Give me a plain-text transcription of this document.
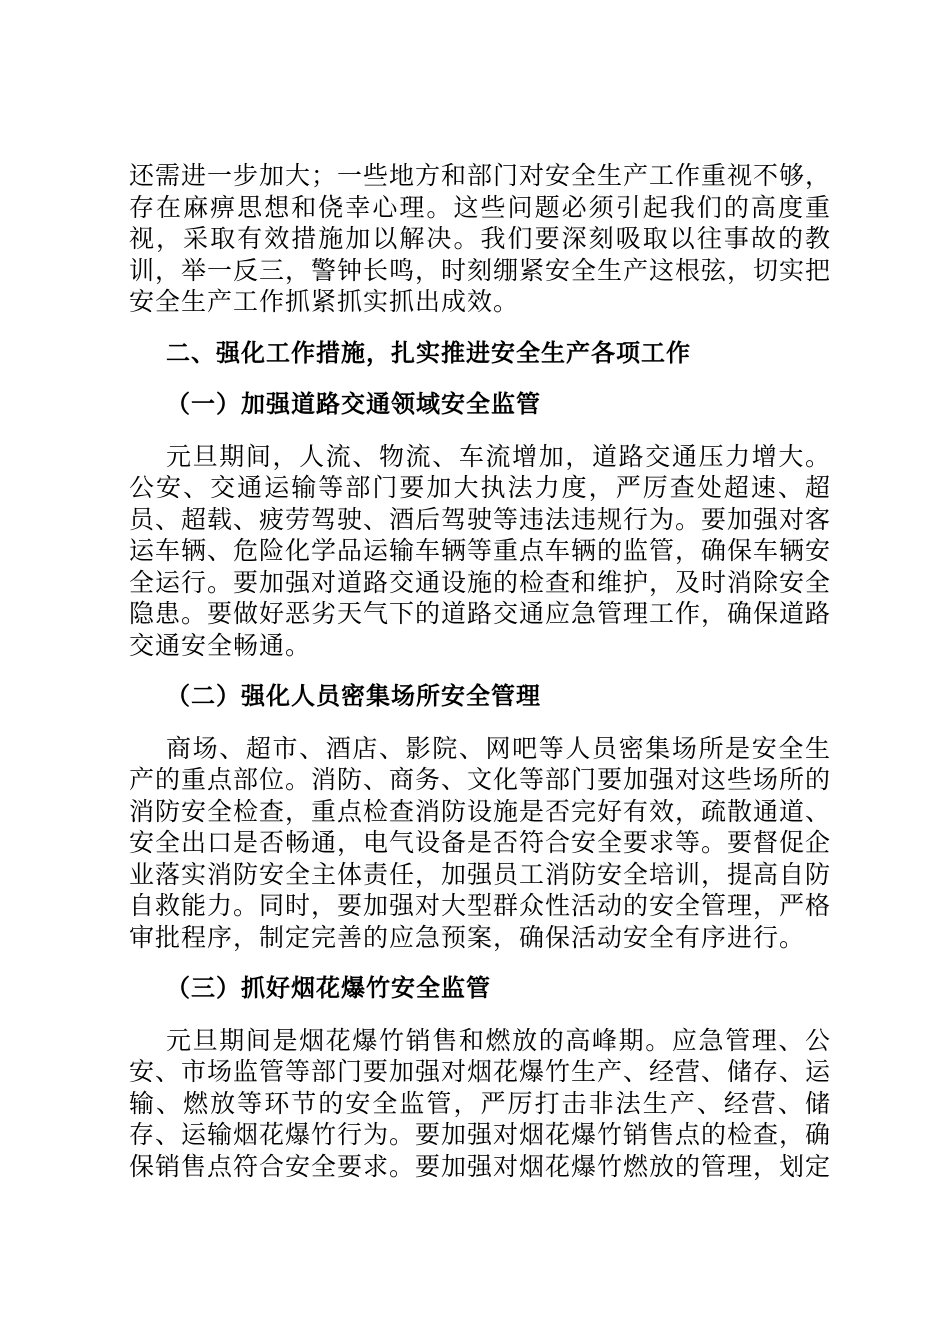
还需进一步加大；一些地方和部门对安全生产工作重视不够，存在麻痹思想和侥幸心理。这些问题必须引起我们的高度重视，采取有效措施加以解决。我们要深刻吸取以往事故的教训，举一反三，警钟长鸣，时刻绷紧安全生产这根弦，切实把安全生产工作抓紧抓实抓出成效。

二、强化工作措施，扎实推进安全生产各项工作
（一）加强道路交通领域安全监管

元旦期间，人流、物流、车流增加，道路交通压力增大。公安、交通运输等部门要加大执法力度，严厉查处超速、超员、超载、疲劳驾驶、酒后驾驶等违法违规行为。要加强对客运车辆、危险化学品运输车辆等重点车辆的监管，确保车辆安全运行。要加强对道路交通设施的检查和维护，及时消除安全隐患。要做好恶劣天气下的道路交通应急管理工作，确保道路交通安全畅通。

（二）强化人员密集场所安全管理

商场、超市、酒店、影院、网吧等人员密集场所是安全生产的重点部位。消防、商务、文化等部门要加强对这些场所的消防安全检查，重点检查消防设施是否完好有效，疏散通道、安全出口是否畅通，电气设备是否符合安全要求等。要督促企业落实消防安全主体责任，加强员工消防安全培训，提高自防自救能力。同时，要加强对大型群众性活动的安全管理，严格审批程序，制定完善的应急预案，确保活动安全有序进行。

（三）抓好烟花爆竹安全监管

元旦期间是烟花爆竹销售和燃放的高峰期。应急管理、公安、市场监管等部门要加强对烟花爆竹生产、经营、储存、运输、燃放等环节的安全监管，严厉打击非法生产、经营、储存、运输烟花爆竹行为。要加强对烟花爆竹销售点的检查，确保销售点符合安全要求。要加强对烟花爆竹燃放的管理，划定
